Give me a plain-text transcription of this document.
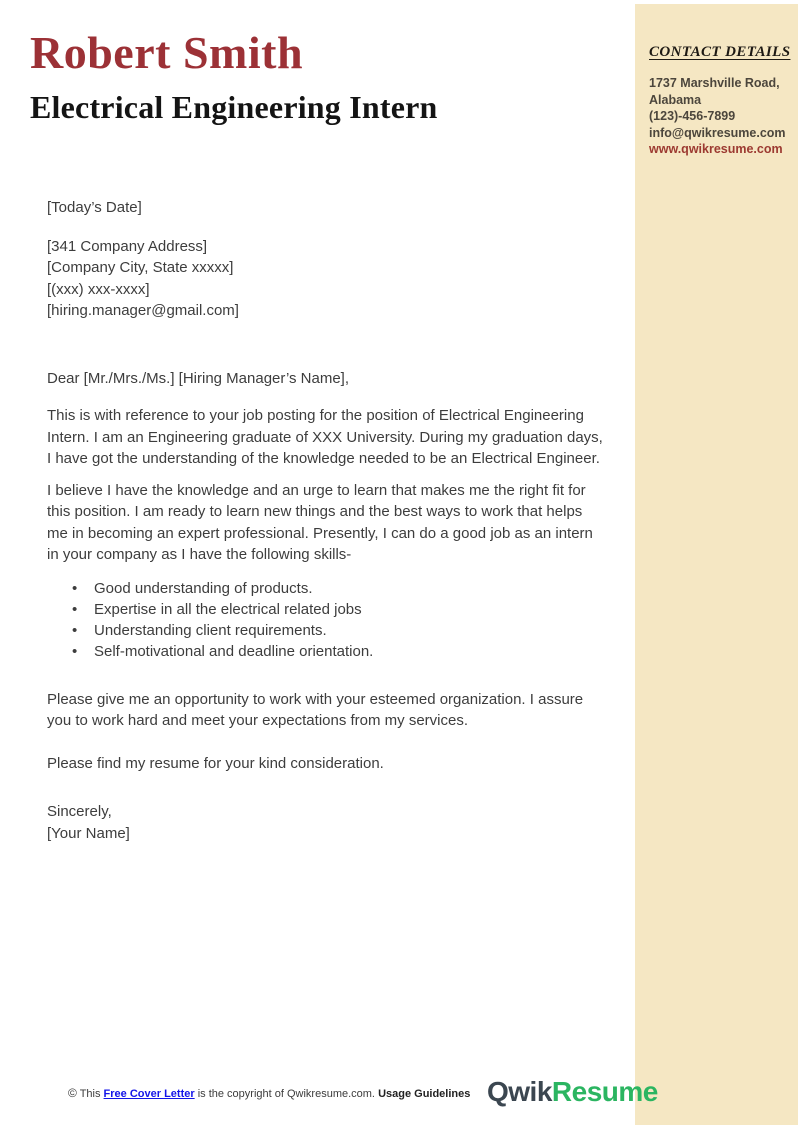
CONTACT DETAILS
1737 Marshville Road,
Alabama
(123)-456-7899
info@qwikresume.com
www.qwikresume.com
Robert Smith
Electrical Engineering Intern
[Today’s Date]
[341 Company Address]
[Company City, State xxxxx]
[(xxx) xxx-xxxx]
[hiring.manager@gmail.com]
Dear [Mr./Mrs./Ms.] [Hiring Manager’s Name],

This is with reference to your job posting for the position of Electrical Engineering Intern. I am an Engineering graduate of XXX University. During my graduation days, I have got the understanding of the knowledge needed to be an Electrical Engineer.

I believe I have the knowledge and an urge to learn that makes me the right fit for this position. I am ready to learn new things and the best ways to work that helps me in becoming an expert professional. Presently, I can do a good job as an intern in your company as I have the following skills-

• Good understanding of products.
• Expertise in all the electrical related jobs
• Understanding client requirements.
• Self-motivational and deadline orientation.

Please give me an opportunity to work with your esteemed organization. I assure you to work hard and meet your expectations from my services.

Please find my resume for your kind consideration.

Sincerely,
[Your Name]
© This Free Cover Letter is the copyright of Qwikresume.com. Usage Guidelines QwikResume
